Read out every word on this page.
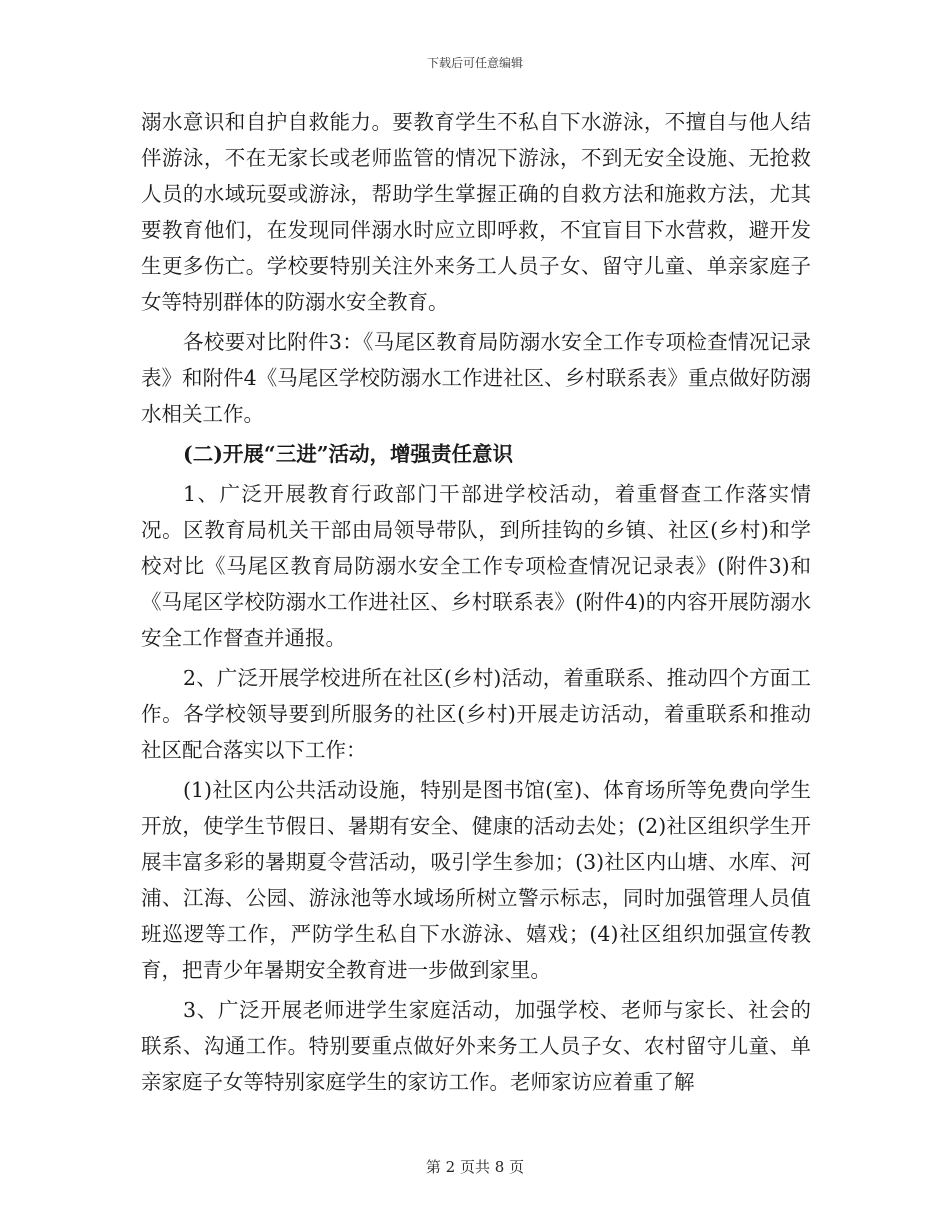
下载后可任意编辑

溺水意识和自护自救能力。要教育学生不私自下水游泳，不擅自与他人结伴游泳，不在无家长或老师监管的情况下游泳，不到无安全设施、无抢救人员的水域玩耍或游泳，帮助学生掌握正确的自救方法和施救方法，尤其要教育他们，在发现同伴溺水时应立即呼救，不宜盲目下水营救，避开发生更多伤亡。学校要特别关注外来务工人员子女、留守儿童、单亲家庭子女等特别群体的防溺水安全教育。

各校要对比附件3：《马尾区教育局防溺水安全工作专项检查情况记录表》和附件4《马尾区学校防溺水工作进社区、乡村联系表》重点做好防溺水相关工作。

(二)开展“三进”活动，增强责任意识

1、广泛开展教育行政部门干部进学校活动，着重督查工作落实情况。区教育局机关干部由局领导带队，到所挂钩的乡镇、社区(乡村)和学校对比《马尾区教育局防溺水安全工作专项检查情况记录表》(附件3)和《马尾区学校防溺水工作进社区、乡村联系表》(附件4)的内容开展防溺水安全工作督查并通报。

2、广泛开展学校进所在社区(乡村)活动，着重联系、推动四个方面工作。各学校领导要到所服务的社区(乡村)开展走访活动，着重联系和推动社区配合落实以下工作：

(1)社区内公共活动设施，特别是图书馆(室)、体育场所等免费向学生开放，使学生节假日、暑期有安全、健康的活动去处；(2)社区组织学生开展丰富多彩的暑期夏令营活动，吸引学生参加；(3)社区内山塘、水库、河浦、江海、公园、游泳池等水域场所树立警示标志，同时加强管理人员值班巡逻等工作，严防学生私自下水游泳、嬉戏；(4)社区组织加强宣传教育，把青少年暑期安全教育进一步做到家里。

3、广泛开展老师进学生家庭活动，加强学校、老师与家长、社会的联系、沟通工作。特别要重点做好外来务工人员子女、农村留守儿童、单亲家庭子女等特别家庭学生的家访工作。老师家访应着重了解

第 2 页共 8 页
